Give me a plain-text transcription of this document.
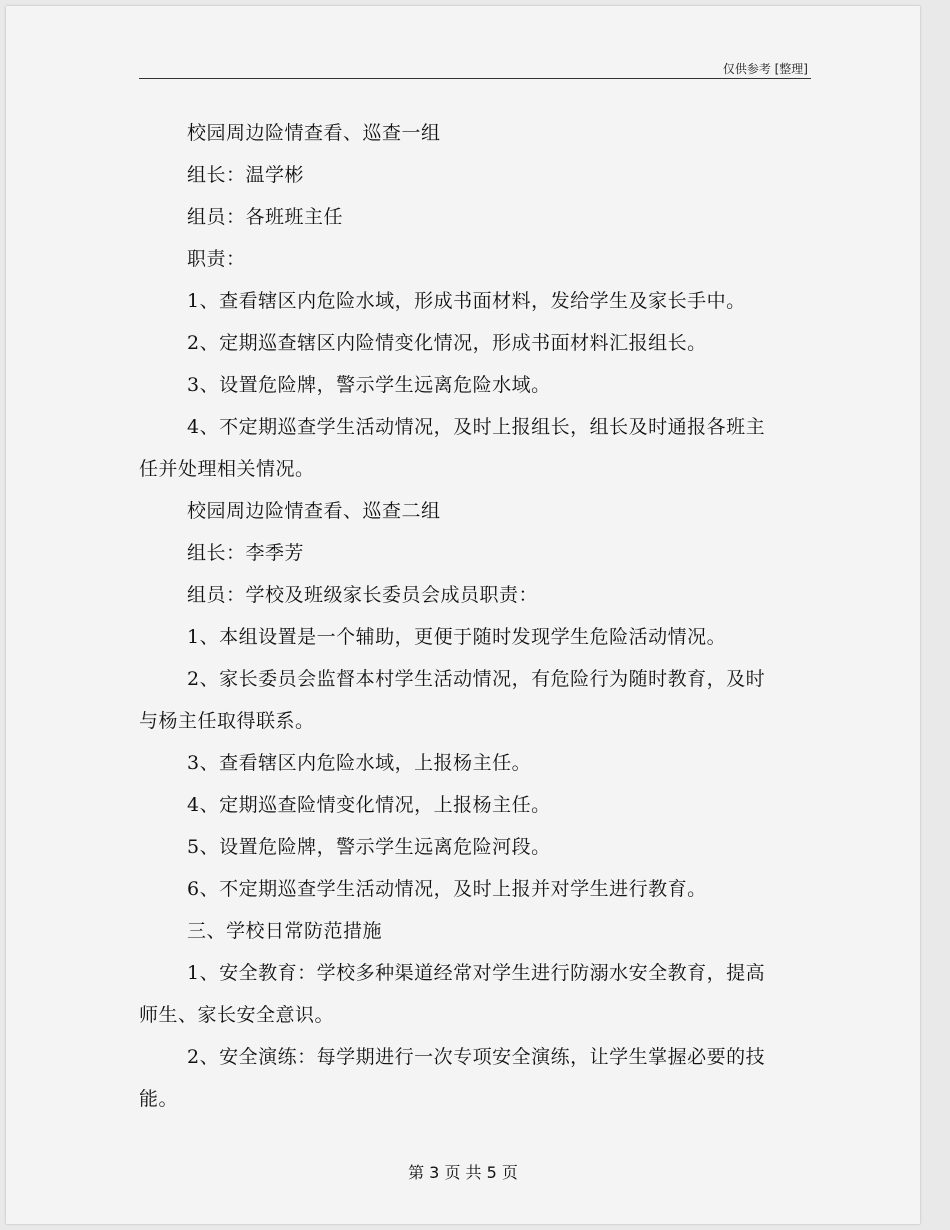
仅供参考 [整理]

校园周边险情查看、巡查一组

组长：温学彬

组员：各班班主任

职责：

1、查看辖区内危险水域，形成书面材料，发给学生及家长手中。

2、定期巡查辖区内险情变化情况，形成书面材料汇报组长。

3、设置危险牌，警示学生远离危险水域。

4、不定期巡查学生活动情况，及时上报组长，组长及时通报各班主任并处理相关情况。

校园周边险情查看、巡查二组

组长：李季芳

组员：学校及班级家长委员会成员职责：

1、本组设置是一个辅助，更便于随时发现学生危险活动情况。

2、家长委员会监督本村学生活动情况，有危险行为随时教育，及时与杨主任取得联系。

3、查看辖区内危险水域，上报杨主任。

4、定期巡查险情变化情况，上报杨主任。

5、设置危险牌，警示学生远离危险河段。

6、不定期巡查学生活动情况，及时上报并对学生进行教育。

三、学校日常防范措施

1、安全教育：学校多种渠道经常对学生进行防溺水安全教育，提高师生、家长安全意识。

2、安全演练：每学期进行一次专项安全演练，让学生掌握必要的技能。

第 3 页 共 5 页
